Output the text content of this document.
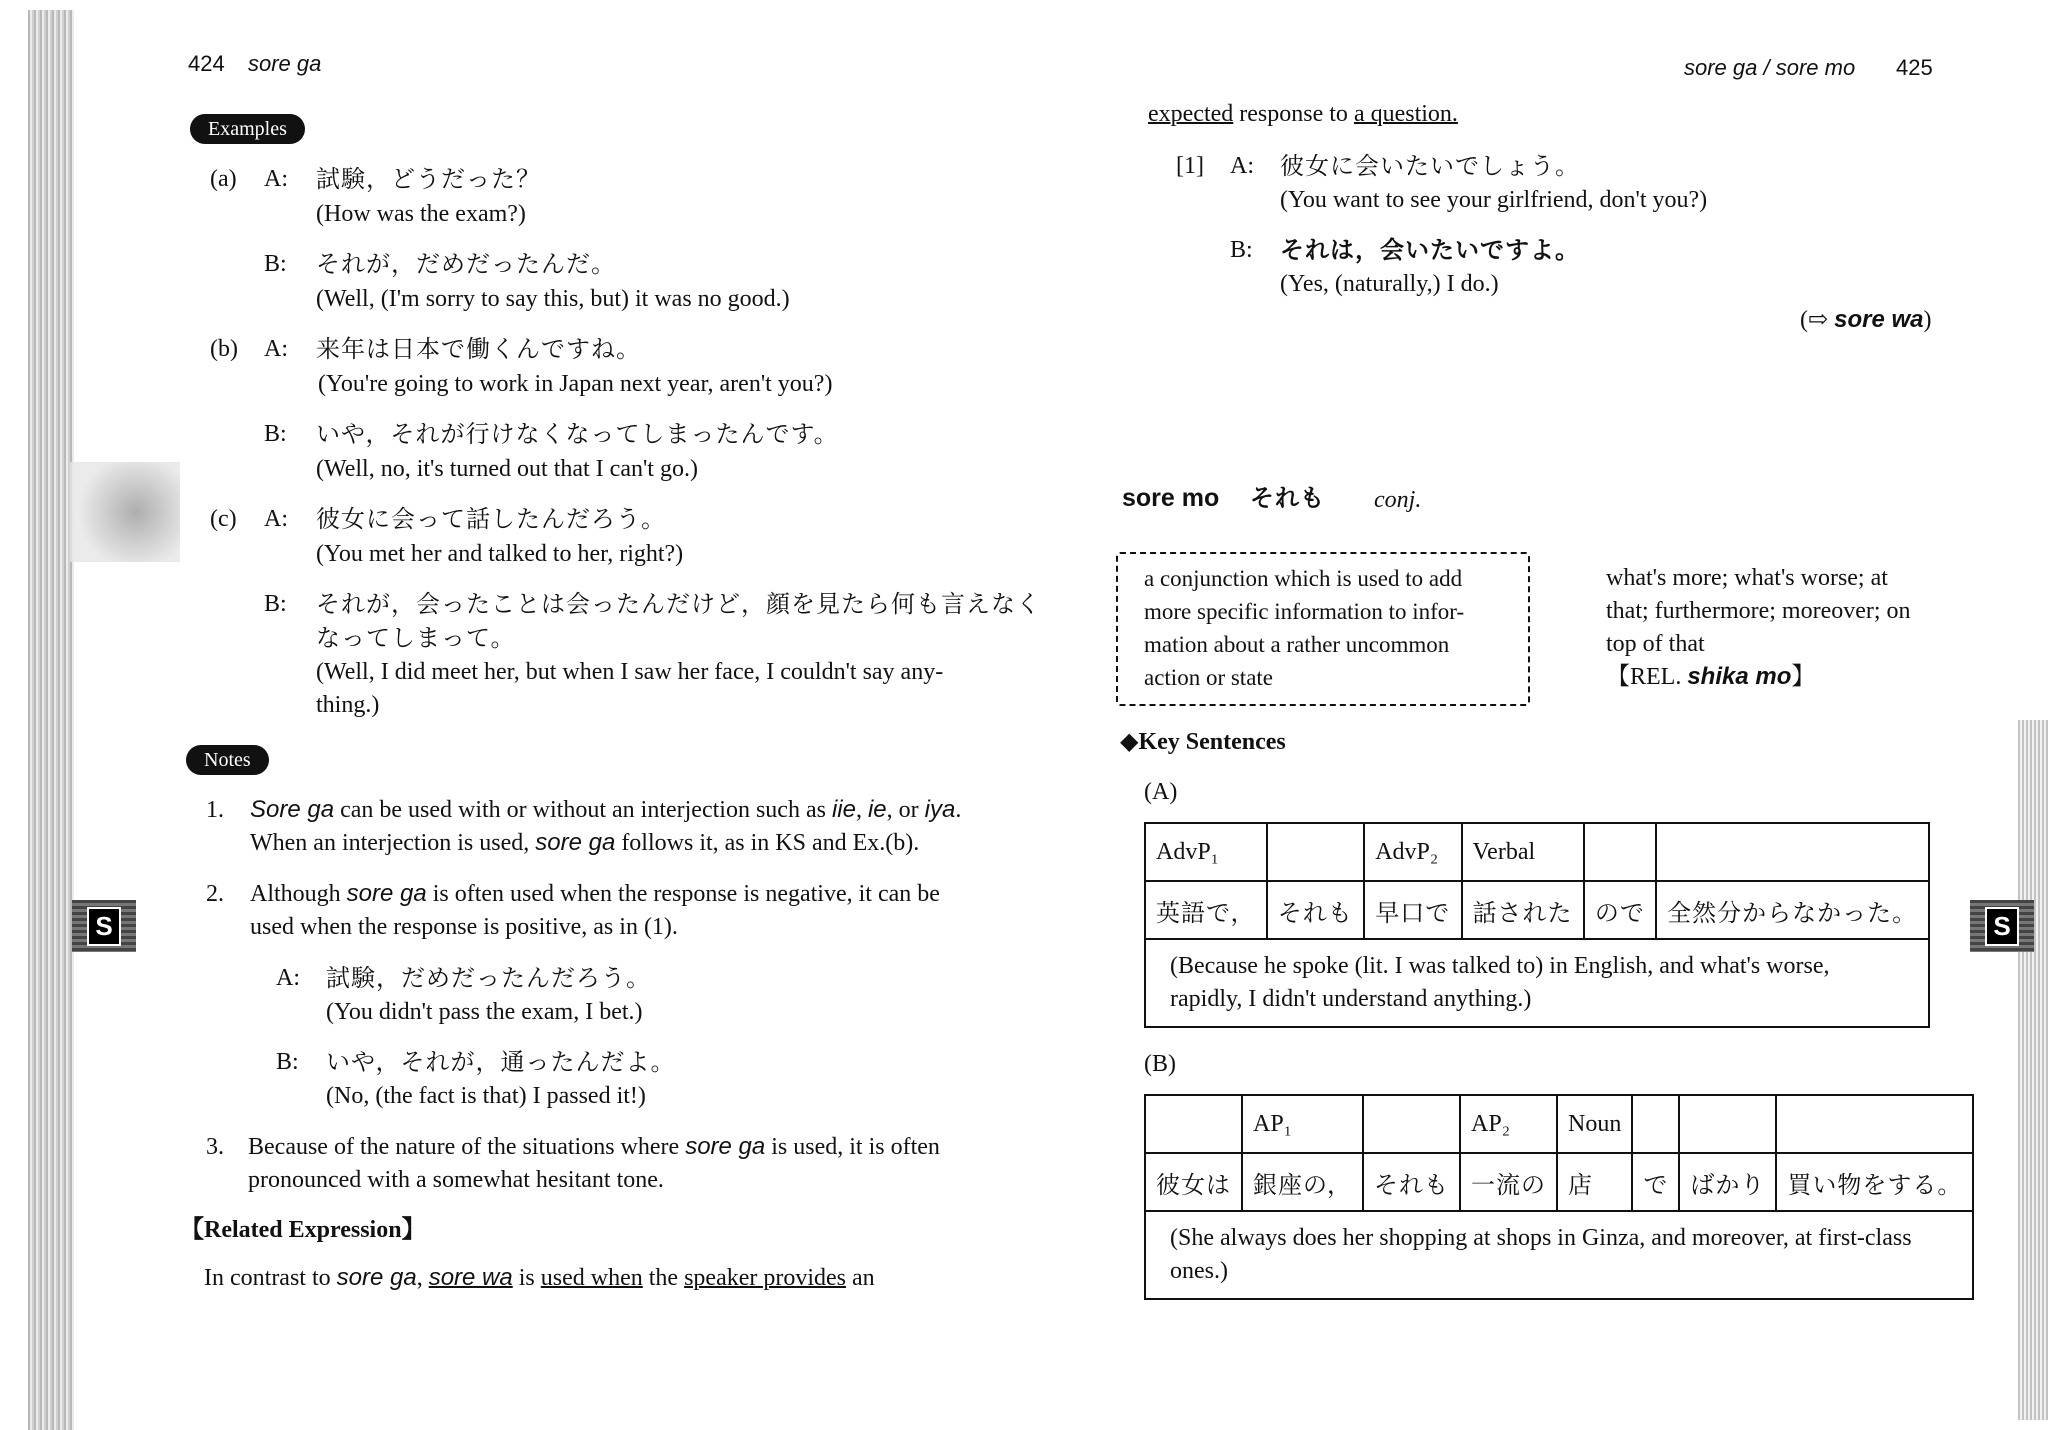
S
424 sore ga
Examples
(a) A: 試験，どうだった？
(How was the exam?)
B: それが，だめだったんだ。
(Well, (I'm sorry to say this, but) it was no good.)
(b) A: 来年は日本で働くんですね。
(You're going to work in Japan next year, aren't you?)
B: いや，それが行けなくなってしまったんです。
(Well, no, it's turned out that I can't go.)
(c) A: 彼女に会って話したんだろう。
(You met her and talked to her, right?)
B: それが，会ったことは会ったんだけど，顔を見たら何も言えなく
なってしまって。
(Well, I did meet her, but when I saw her face, I couldn't say any-
thing.)
Notes
1. Sore ga can be used with or without an interjection such as iie, ie, or iya.
When an interjection is used, sore ga follows it, as in KS and Ex.(b).
2. Although sore ga is often used when the response is negative, it can be
used when the response is positive, as in (1).
A: 試験，だめだったんだろう。
(You didn't pass the exam, I bet.)
B: いや，それが，通ったんだよ。
(No, (the fact is that) I passed it!)
3. Because of the nature of the situations where sore ga is used, it is often
pronounced with a somewhat hesitant tone.
【Related Expression】
In contrast to sore ga, sore wa is used when the speaker provides an
S
sore ga / sore mo 425
expected response to a question.
[1] A: 彼女に会いたいでしょう。
(You want to see your girlfriend, don't you?)
B: それは，会いたいですよ。
(Yes, (naturally,) I do.)
(⇨ sore wa)
sore mo それも conj.
a conjunction which is used to add
more specific information to infor-
mation about a rather uncommon
action or state
what's more; what's worse; at
that; furthermore; moreover; on
top of that
【REL. shika mo】
◆Key Sentences
(A)
AdvP₁		AdvP₂	Verbal		
英語で，	それも	早口で	話された	ので	全然分からなかった。
(Because he spoke (lit. I was talked to) in English, and what's worse, rapidly, I didn't understand anything.)					
(B)
	AP₁		AP₂	Noun			
彼女は	銀座の，	それも	一流の	店	で	ばかり	買い物をする。
(She always does her shopping at shops in Ginza, and moreover, at first-class ones.)							
